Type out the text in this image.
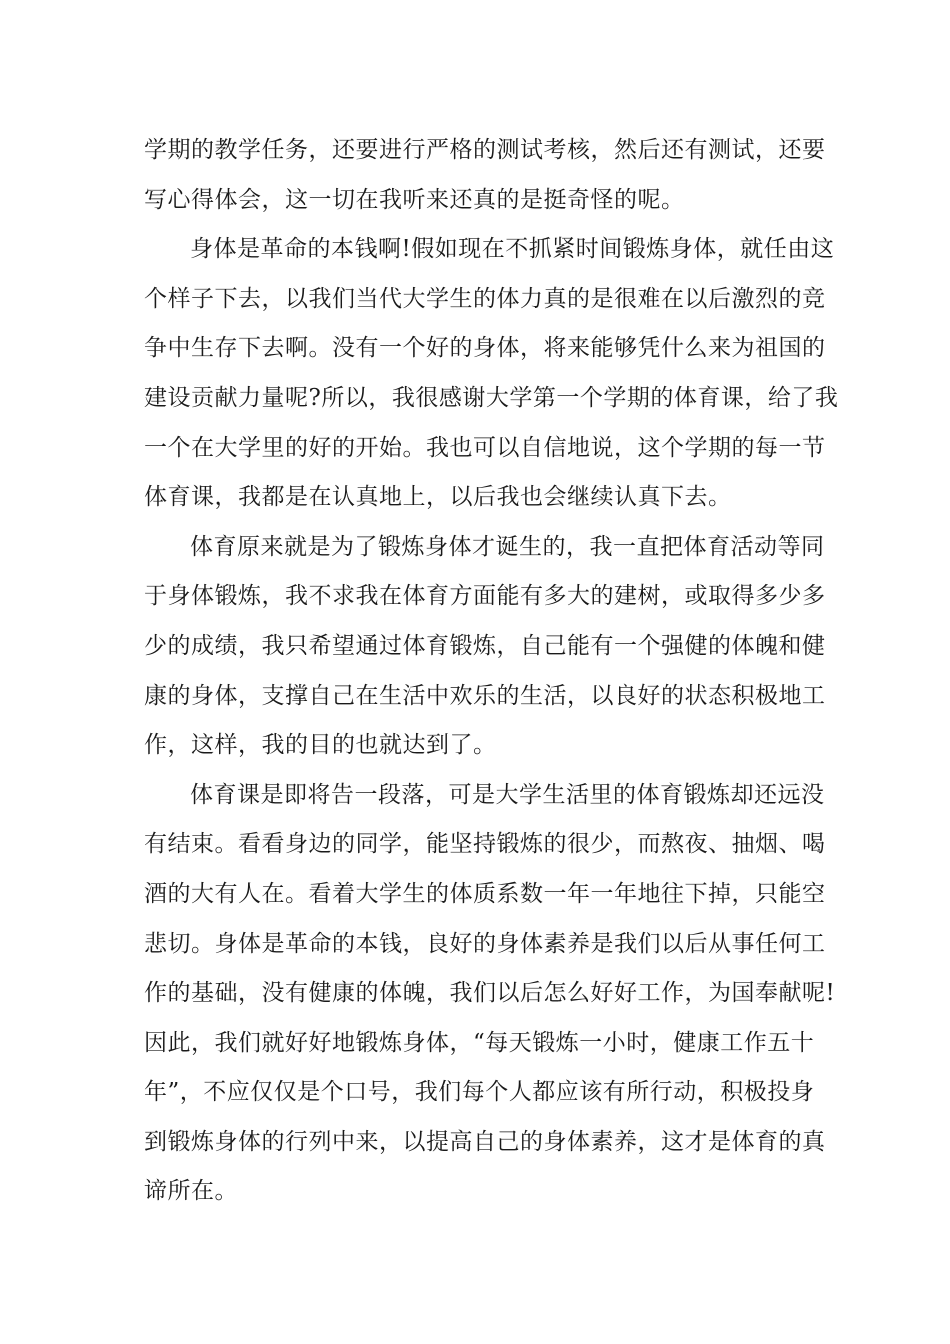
学期的教学任务，还要进行严格的测试考核，然后还有测试，还要
写心得体会，这一切在我听来还真的是挺奇怪的呢。
身体是革命的本钱啊!假如现在不抓紧时间锻炼身体，就任由这
个样子下去，以我们当代大学生的体力真的是很难在以后激烈的竞
争中生存下去啊。没有一个好的身体，将来能够凭什么来为祖国的
建设贡献力量呢?所以，我很感谢大学第一个学期的体育课，给了我
一个在大学里的好的开始。我也可以自信地说，这个学期的每一节
体育课，我都是在认真地上，以后我也会继续认真下去。
体育原来就是为了锻炼身体才诞生的，我一直把体育活动等同
于身体锻炼，我不求我在体育方面能有多大的建树，或取得多少多
少的成绩，我只希望通过体育锻炼，自己能有一个强健的体魄和健
康的身体，支撑自己在生活中欢乐的生活，以良好的状态积极地工
作，这样，我的目的也就达到了。
体育课是即将告一段落，可是大学生活里的体育锻炼却还远没
有结束。看看身边的同学，能坚持锻炼的很少，而熬夜、抽烟、喝
酒的大有人在。看着大学生的体质系数一年一年地往下掉，只能空
悲切。身体是革命的本钱，良好的身体素养是我们以后从事任何工
作的基础，没有健康的体魄，我们以后怎么好好工作，为国奉献呢!
因此，我们就好好地锻炼身体，“每天锻炼一小时，健康工作五十
年”，不应仅仅是个口号，我们每个人都应该有所行动，积极投身
到锻炼身体的行列中来，以提高自己的身体素养，这才是体育的真
谛所在。
